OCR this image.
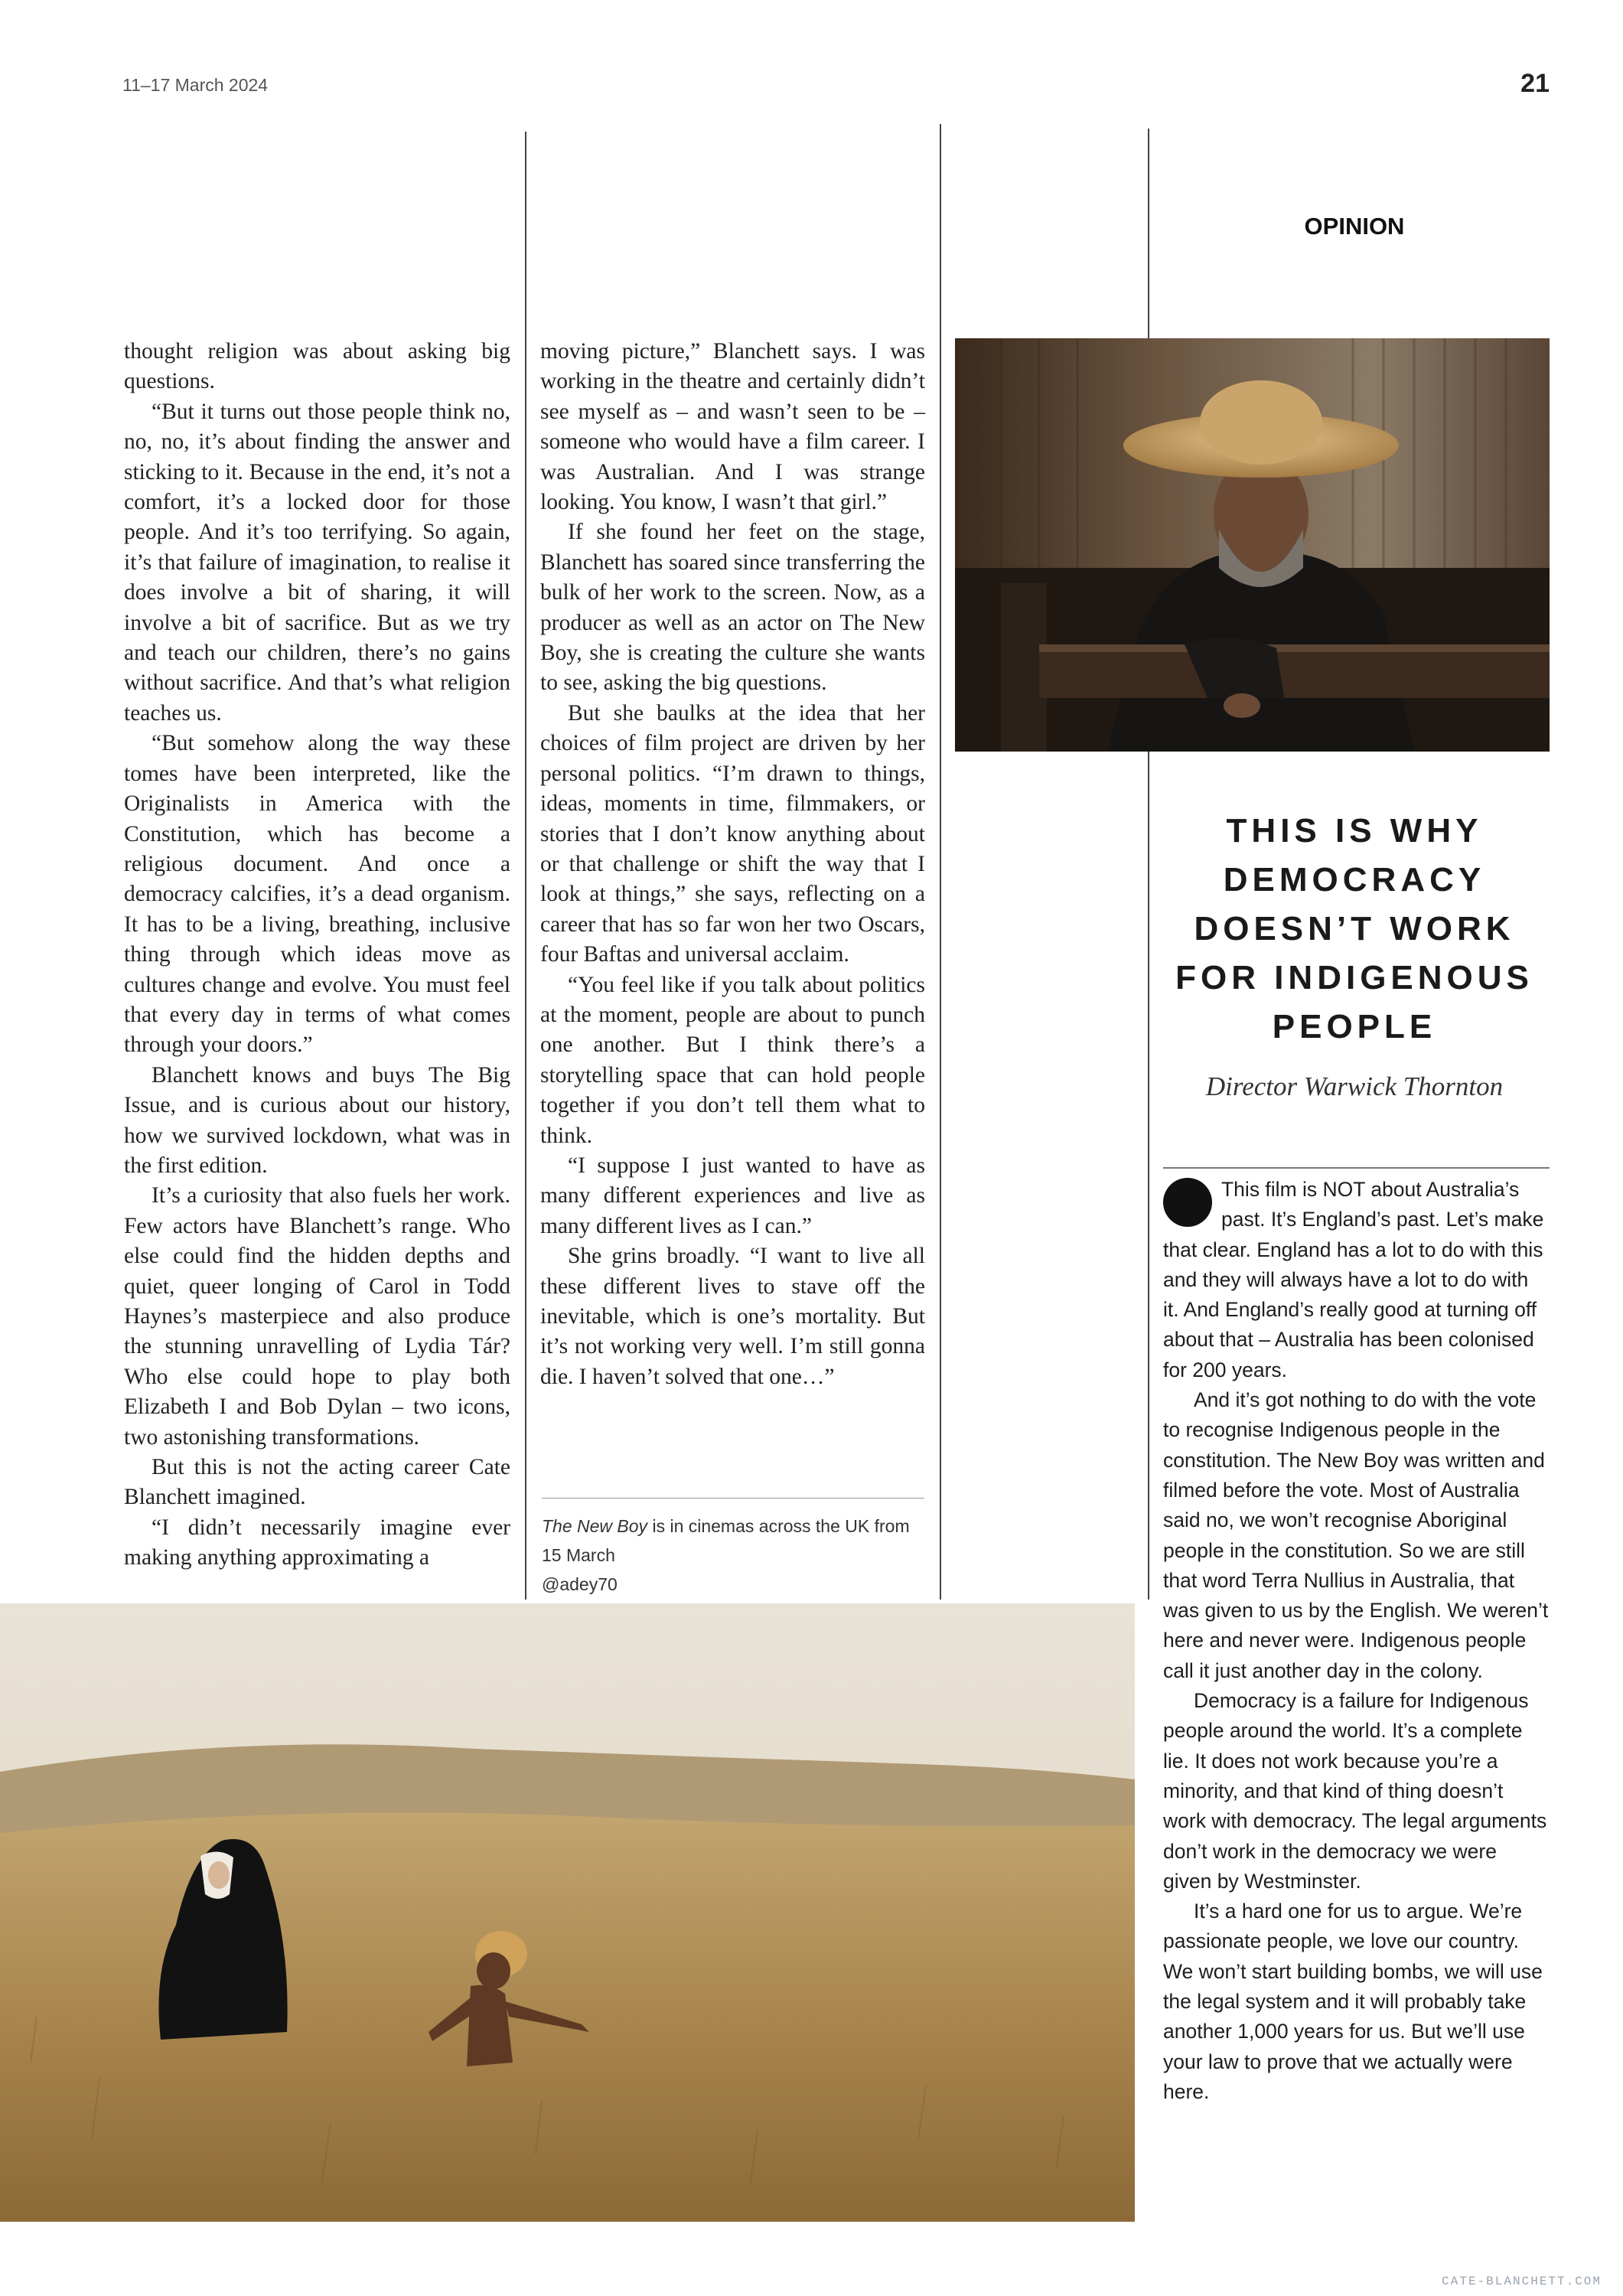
11–17 March 2024	21

thought religion was about asking big questions.

“But it turns out those people think no, no, no, it’s about finding the answer and sticking to it. Because in the end, it’s not a comfort, it’s a locked door for those people. And it’s too terrifying. So again, it’s that failure of imagination, to realise it does involve a bit of sharing, it will involve a bit of sacrifice. But as we try and teach our children, there’s no gains without sacrifice. And that’s what religion teaches us.

“But somehow along the way these tomes have been interpreted, like the Originalists in America with the Constitution, which has become a religious document. And once a democracy calcifies, it’s a dead organism. It has to be a living, breathing, inclusive thing through which ideas move as cultures change and evolve. You must feel that every day in terms of what comes through your doors.”

Blanchett knows and buys The Big Issue, and is curious about our history, how we survived lockdown, what was in the first edition.

It’s a curiosity that also fuels her work. Few actors have Blanchett’s range. Who else could find the hidden depths and quiet, queer longing of Carol in Todd Haynes’s masterpiece and also produce the stunning unravelling of Lydia Tár? Who else could hope to play both Elizabeth I and Bob Dylan – two icons, two astonishing transformations.

But this is not the acting career Cate Blanchett imagined.

“I didn’t necessarily imagine ever making anything approximating a

moving picture,” Blanchett says. I was working in the theatre and certainly didn’t see myself as – and wasn’t seen to be – someone who would have a film career. I was Australian. And I was strange looking. You know, I wasn’t that girl.”

If she found her feet on the stage, Blanchett has soared since transferring the bulk of her work to the screen. Now, as a producer as well as an actor on The New Boy, she is creating the culture she wants to see, asking the big questions.

But she baulks at the idea that her choices of film project are driven by her personal politics. “I’m drawn to things, ideas, moments in time, filmmakers, or stories that I don’t know anything about or that challenge or shift the way that I look at things,” she says, reflecting on a career that has so far won her two Oscars, four Baftas and universal acclaim.

“You feel like if you talk about politics at the moment, people are about to punch one another. But I think there’s a storytelling space that can hold people together if you don’t tell them what to think.

“I suppose I just wanted to have as many different experiences and live as many different lives as I can.”

She grins broadly. “I want to live all these different lives to stave off the inevitable, which is one’s mortality. But it’s not working very well. I’m still gonna die. I haven’t solved that one…”

The New Boy is in cinemas across the UK from 15 March
@adey70
OPINION
THIS IS WHY DEMOCRACY DOESN’T WORK FOR INDIGENOUS PEOPLE
Director Warwick Thornton

This film is NOT about Australia’s past. It’s England’s past. Let’s make that clear. England has a lot to do with this and they will always have a lot to do with it. And England’s really good at turning off about that – Australia has been colonised for 200 years.

And it’s got nothing to do with the vote to recognise Indigenous people in the constitution. The New Boy was written and filmed before the vote. Most of Australia said no, we won’t recognise Aboriginal people in the constitution. So we are still that word Terra Nullius in Australia, that was given to us by the English. We weren’t here and never were. Indigenous people call it just another day in the colony.

Democracy is a failure for Indigenous people around the world. It’s a complete lie. It does not work because you’re a minority, and that kind of thing doesn’t work with democracy. The legal arguments don’t work in the democracy we were given by Westminster.

It’s a hard one for us to argue. We’re passionate people, we love our country. We won’t start building bombs, we will use the legal system and it will probably take another 1,000 years for us. But we’ll use your law to prove that we actually were here.

CATE-BLANCHETT.COM
